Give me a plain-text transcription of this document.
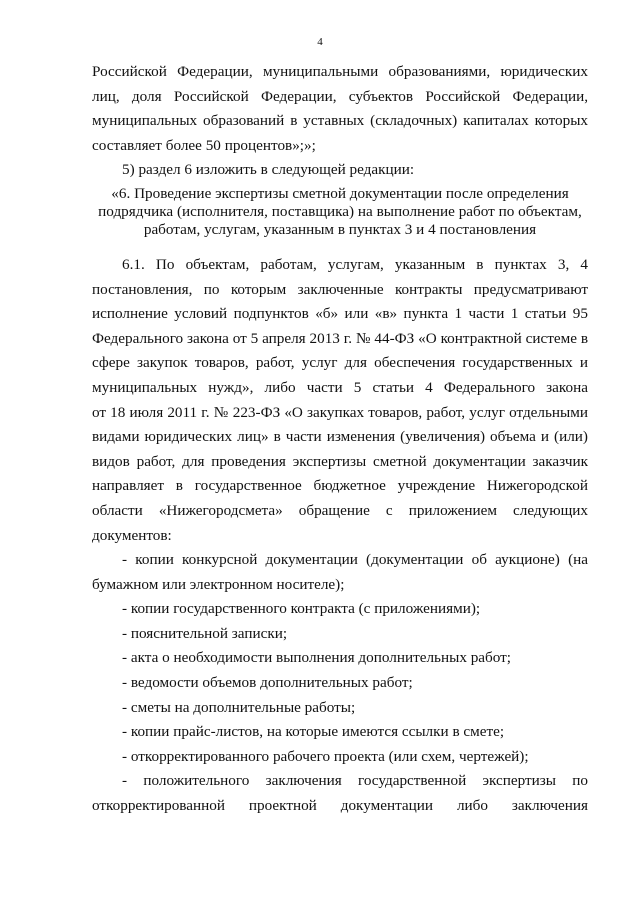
4

Российской Федерации, муниципальными образованиями, юридических
лиц, доля Российской Федерации, субъектов Российской Федерации,
муниципальных образований в уставных (складочных) капиталах которых
составляет более 50 процентов»;»;

5) раздел 6 изложить в следующей редакции:

«6. Проведение экспертизы сметной документации после определения
подрядчика (исполнителя, поставщика) на выполнение работ по объектам,
работам, услугам, указанным в пунктах 3 и 4 постановления

6.1. По объектам, работам, услугам, указанным в пунктах 3, 4
постановления, по которым заключенные контракты предусматривают
исполнение условий подпунктов «б» или «в» пункта 1 части 1 статьи 95
Федерального закона от 5 апреля 2013 г. № 44-ФЗ «О контрактной системе в
сфере закупок товаров, работ, услуг для обеспечения государственных и
муниципальных нужд», либо части 5 статьи 4 Федерального закона
от 18 июля 2011 г. № 223-ФЗ «О закупках товаров, работ, услуг отдельными
видами юридических лиц» в части изменения (увеличения) объема и (или)
видов работ, для проведения экспертизы сметной документации заказчик
направляет в государственное бюджетное учреждение Нижегородской
области «Нижегородсмета» обращение с приложением следующих
документов:

- копии конкурсной документации (документации об аукционе) (на
бумажном или электронном носителе);

- копии государственного контракта (с приложениями);

- пояснительной записки;

- акта о необходимости выполнения дополнительных работ;

- ведомости объемов дополнительных работ;

- сметы на дополнительные работы;

- копии прайс-листов, на которые имеются ссылки в смете;

- откорректированного рабочего проекта (или схем, чертежей);

- положительного заключения государственной экспертизы по
откорректированной проектной документации либо заключения
